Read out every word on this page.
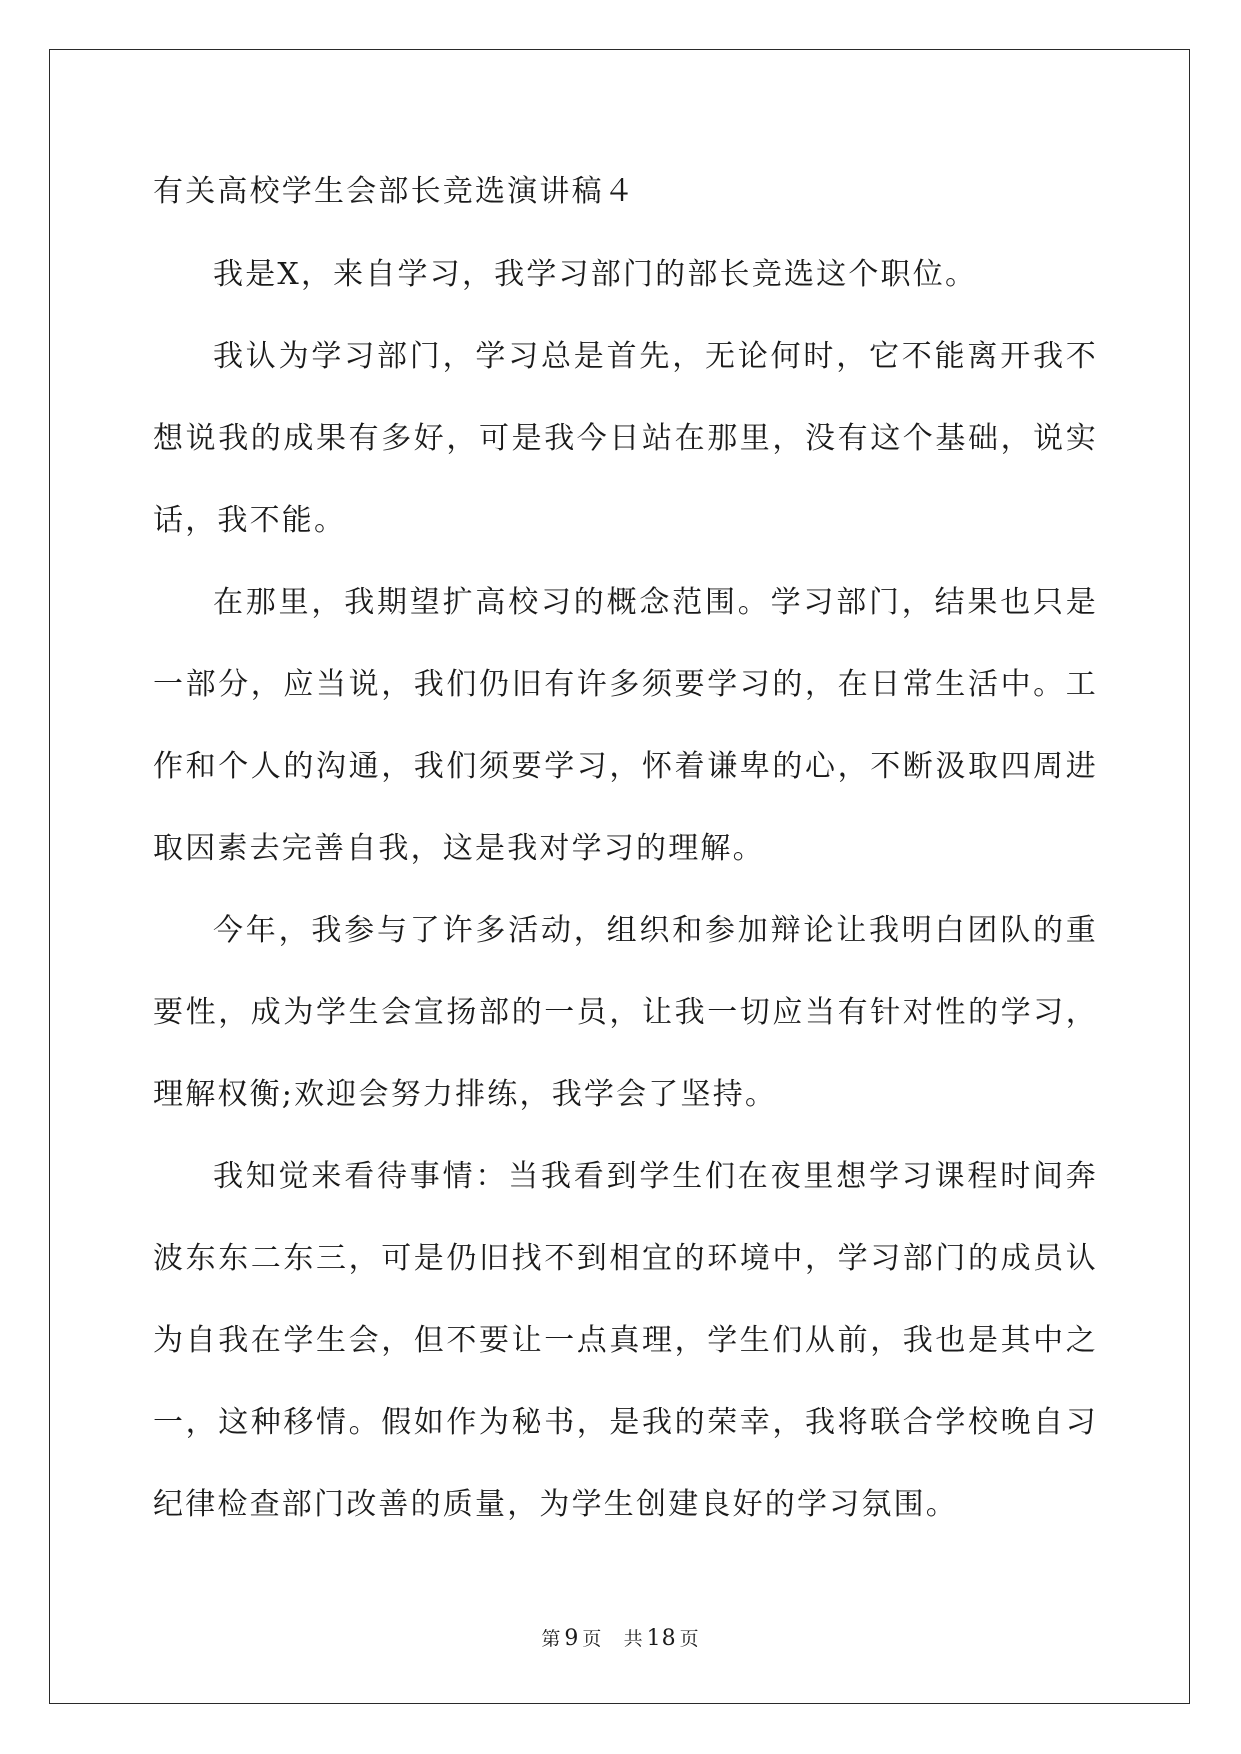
有关高校学生会部长竞选演讲稿４

我是X，来自学习，我学习部门的部长竞选这个职位。

我认为学习部门，学习总是首先，无论何时，它不能离开我不想说我的成果有多好，可是我今日站在那里，没有这个基础，说实话，我不能。

在那里，我期望扩高校习的概念范围。学习部门，结果也只是一部分，应当说，我们仍旧有许多须要学习的，在日常生活中。工作和个人的沟通，我们须要学习，怀着谦卑的心，不断汲取四周进取因素去完善自我，这是我对学习的理解。

今年，我参与了许多活动，组织和参加辩论让我明白团队的重要性，成为学生会宣扬部的一员，让我一切应当有针对性的学习，理解权衡;欢迎会努力排练，我学会了坚持。

我知觉来看待事情：当我看到学生们在夜里想学习课程时间奔波东东二东三，可是仍旧找不到相宜的环境中，学习部门的成员认为自我在学生会，但不要让一点真理，学生们从前，我也是其中之一，这种移情。假如作为秘书，是我的荣幸，我将联合学校晚自习纪律检查部门改善的质量，为学生创建良好的学习氛围。

第 9 页 共 18 页
